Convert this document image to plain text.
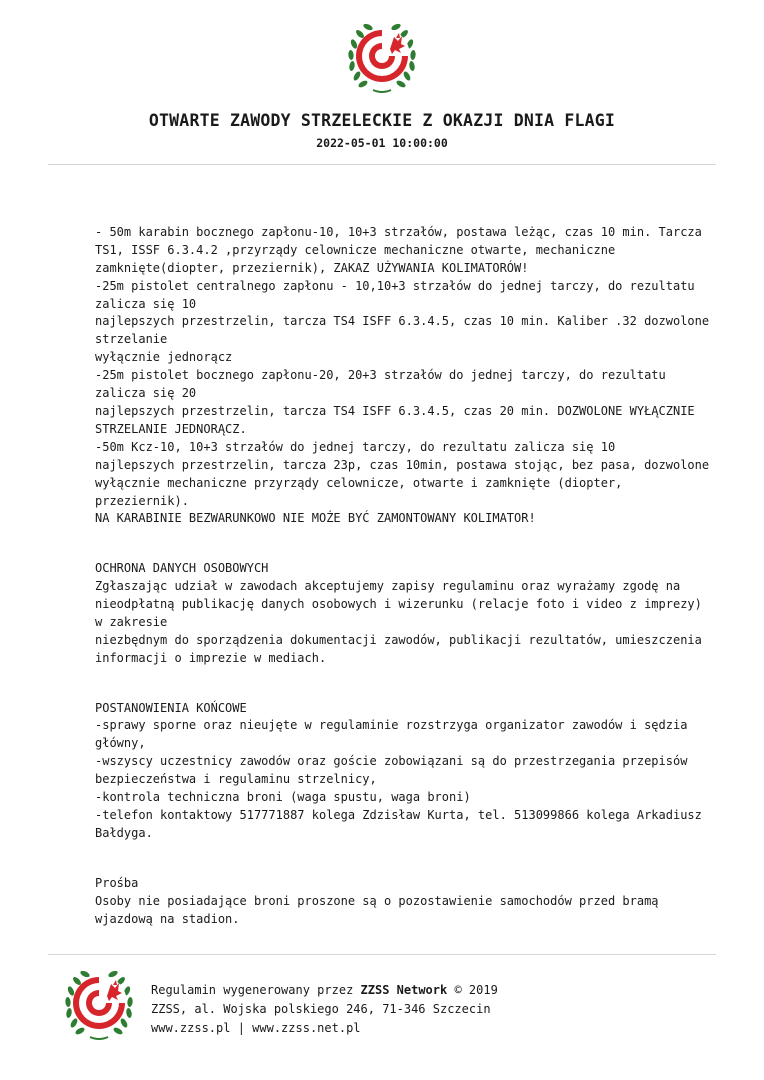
OTWARTE ZAWODY STRZELECKIE Z OKAZJI DNIA FLAGI
2022-05-01 10:00:00

- 50m karabin bocznego zapłonu-10, 10+3 strzałów, postawa leżąc, czas 10 min. Tarcza TS1, ISSF 6.3.4.2 ,przyrządy celownicze mechaniczne otwarte, mechaniczne zamknięte(diopter, przeziernik), ZAKAZ UŻYWANIA KOLIMATORÓW!
-25m pistolet centralnego zapłonu - 10,10+3 strzałów do jednej tarczy, do rezultatu zalicza się 10
najlepszych przestrzelin, tarcza TS4 ISFF 6.3.4.5, czas 10 min. Kaliber .32 dozwolone strzelanie
wyłącznie jednorącz
-25m pistolet bocznego zapłonu-20, 20+3 strzałów do jednej tarczy, do rezultatu zalicza się 20
najlepszych przestrzelin, tarcza TS4 ISFF 6.3.4.5, czas 20 min. DOZWOLONE WYŁĄCZNIE STRZELANIE JEDNORĄCZ.
-50m Kcz-10, 10+3 strzałów do jednej tarczy, do rezultatu zalicza się 10
najlepszych przestrzelin, tarcza 23p, czas 10min, postawa stojąc, bez pasa, dozwolone wyłącznie mechaniczne przyrządy celownicze, otwarte i zamknięte (diopter, przeziernik).
NA KARABINIE BEZWARUNKOWO NIE MOŻE BYĆ ZAMONTOWANY KOLIMATOR!

OCHRONA DANYCH OSOBOWYCH
Zgłaszając udział w zawodach akceptujemy zapisy regulaminu oraz wyrażamy zgodę na nieodpłatną publikację danych osobowych i wizerunku (relacje foto i video z imprezy) w zakresie
niezbędnym do sporządzenia dokumentacji zawodów, publikacji rezultatów, umieszczenia informacji o imprezie w mediach.

POSTANOWIENIA KOŃCOWE
-sprawy sporne oraz nieujęte w regulaminie rozstrzyga organizator zawodów i sędzia główny,
-wszyscy uczestnicy zawodów oraz goście zobowiązani są do przestrzegania przepisów bezpieczeństwa i regulaminu strzelnicy,
-kontrola techniczna broni (waga spustu, waga broni)
-telefon kontaktowy 517771887 kolega Zdzisław Kurta, tel. 513099866 kolega Arkadiusz Bałdyga.

Prośba
Osoby nie posiadające broni proszone są o pozostawienie samochodów przed bramą wjazdową na stadion.

Regulamin wygenerowany przez ZZSS Network © 2019
ZZSS, al. Wojska polskiego 246, 71-346 Szczecin
www.zzss.pl | www.zzss.net.pl
